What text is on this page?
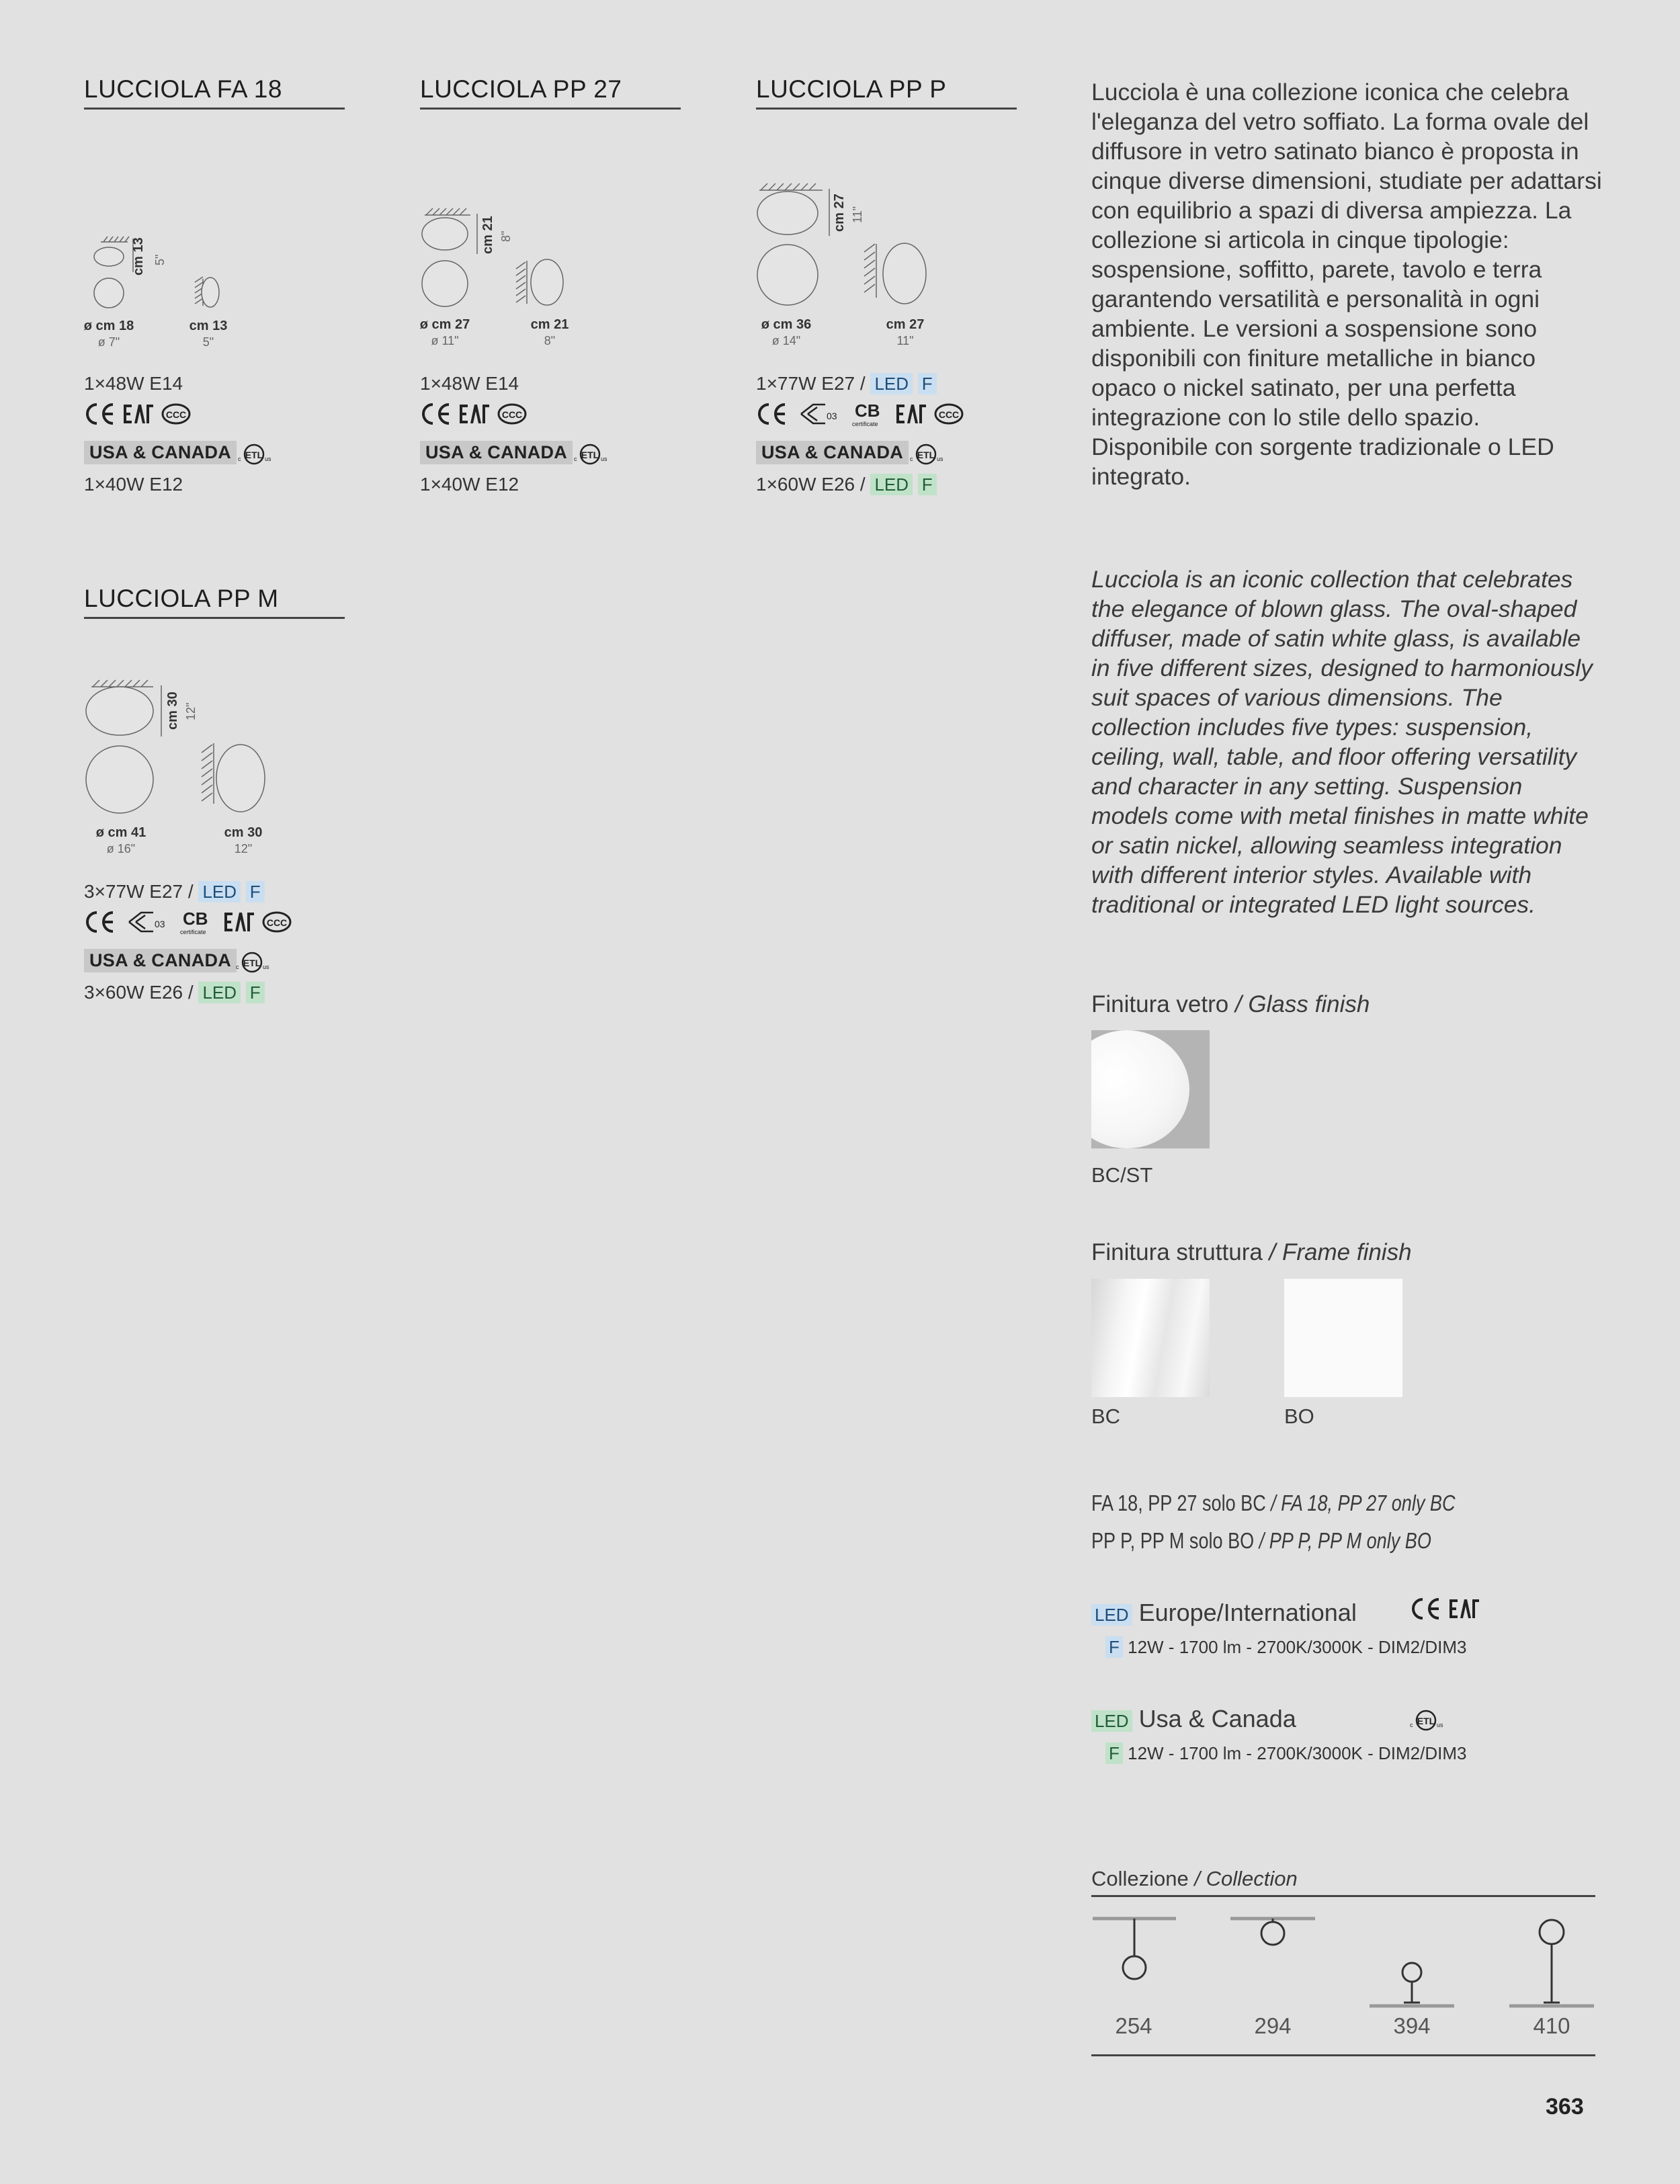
LUCCIOLA FA 18
cm 13 5"
ø cm 18
ø 7"
cm 13
5"
1×48W E14
CCC
USA & CANADA	ETL
c	us
1×40W E12
LUCCIOLA PP 27
cm 21 8"
ø cm 27
ø 11"
cm 21
8"
1×48W E14
CCC
USA & CANADA	ETL
c	us
1×40W E12
LUCCIOLA PP P
cm 27 11"
ø cm 36
ø 14"
cm 27
11"
1×77W E27 / LED F
03 CB
certificate
CCC
USA & CANADA	ETL
c	us
1×60W E26 / LED F
LUCCIOLA PP M
cm 30 12"
ø cm 41
ø 16"
cm 30
12"
3×77W E27 / LED F
03 CB
certificate
CCC
USA & CANADA	ETL
c	us
3×60W E26 / LED F
Lucciola è una collezione iconica che celebra l'eleganza del vetro soffiato. La forma ovale del diffusore in vetro satinato bianco è proposta in cinque diverse dimensioni, studiate per adattarsi con equilibrio a spazi di diversa ampiezza. La collezione si articola in cinque tipologie: sospensione, soffitto, parete, tavolo e terra garantendo versatilità e personalità in ogni ambiente. Le versioni a sospensione sono disponibili con finiture metalliche in bianco opaco o nickel satinato, per una perfetta integrazione con lo stile dello spazio. Disponibile con sorgente tradizionale o LED integrato.
Lucciola is an iconic collection that celebrates the elegance of blown glass. The oval-shaped diffuser, made of satin white glass, is available in five different sizes, designed to harmoniously suit spaces of various dimensions. The collection includes five types: suspension, ceiling, wall, table, and floor offering versatility and character in any setting. Suspension models come with metal finishes in matte white or satin nickel, allowing seamless integration with different interior styles. Available with traditional or integrated LED light sources.
Finitura vetro / Glass finish
BC/ST
Finitura struttura / Frame finish
BC	BO
FA 18, PP 27 solo BC / FA 18, PP 27 only BC
PP P, PP M solo BO / PP P, PP M only BO
LED Europe/International
F 12W - 1700 lm - 2700K/3000K - DIM2/DIM3
LED Usa & Canada	ETL
c	us
F 12W - 1700 lm - 2700K/3000K - DIM2/DIM3
Collezione / Collection
254	294	394	410
363
